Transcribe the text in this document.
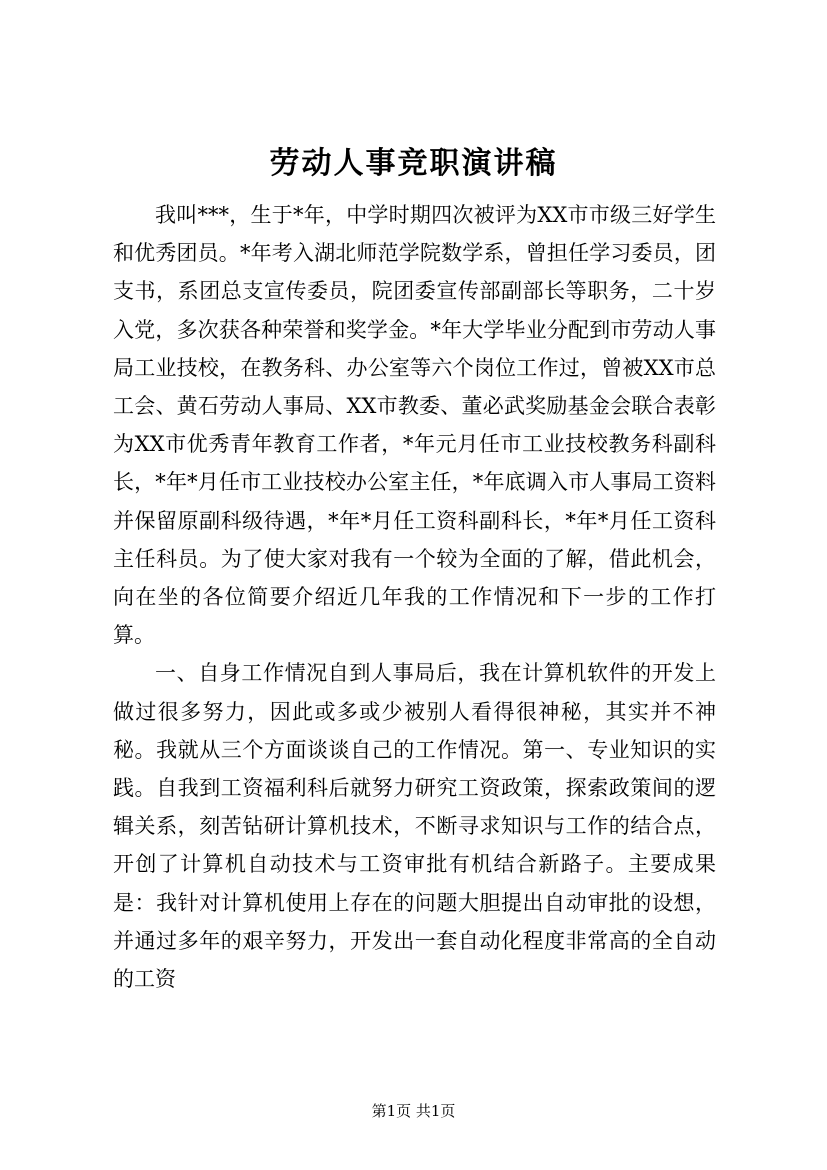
劳动人事竞职演讲稿

我叫***，生于*年，中学时期四次被评为XX市市级三好学生和优秀团员。*年考入湖北师范学院数学系，曾担任学习委员，团支书，系团总支宣传委员，院团委宣传部副部长等职务，二十岁入党，多次获各种荣誉和奖学金。*年大学毕业分配到市劳动人事局工业技校，在教务科、办公室等六个岗位工作过，曾被XX市总工会、黄石劳动人事局、XX市教委、董必武奖励基金会联合表彰为XX市优秀青年教育工作者，*年元月任市工业技校教务科副科长，*年*月任市工业技校办公室主任，*年底调入市人事局工资料并保留原副科级待遇，*年*月任工资科副科长，*年*月任工资科主任科员。为了使大家对我有一个较为全面的了解，借此机会，向在坐的各位简要介绍近几年我的工作情况和下一步的工作打算。

一、自身工作情况自到人事局后，我在计算机软件的开发上做过很多努力，因此或多或少被别人看得很神秘，其实并不神秘。我就从三个方面谈谈自己的工作情况。第一、专业知识的实践。自我到工资福利科后就努力研究工资政策，探索政策间的逻辑关系，刻苦钻研计算机技术，不断寻求知识与工作的结合点，开创了计算机自动技术与工资审批有机结合新路子。主要成果是：我针对计算机使用上存在的问题大胆提出自动审批的设想，并通过多年的艰辛努力，开发出一套自动化程度非常高的全自动的工资

第1页 共1页
